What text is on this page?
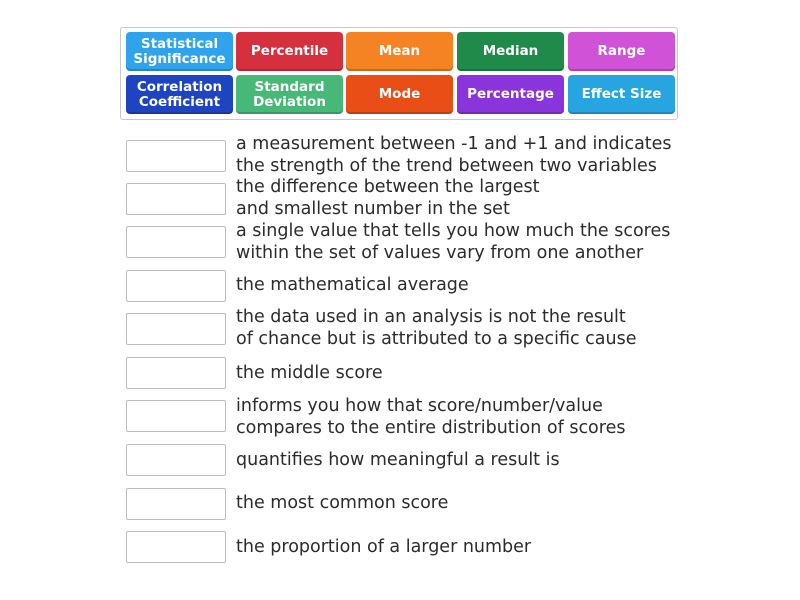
Statistical
Significance	Percentile	Mean	Median	Range
Correlation
Coefficient
Standard
Deviation	Mode	Percentage	Effect Size
a measurement between -1 and +1 and indicates
the strength of the trend between two variables
the difference between the largest
and smallest number in the set
a single value that tells you how much the scores
within the set of values vary from one another
the mathematical average
the data used in an analysis is not the result
of chance but is attributed to a specific cause
the middle score
informs you how that score/number/value
compares to the entire distribution of scores
quantifies how meaningful a result is
the most common score
the proportion of a larger number
